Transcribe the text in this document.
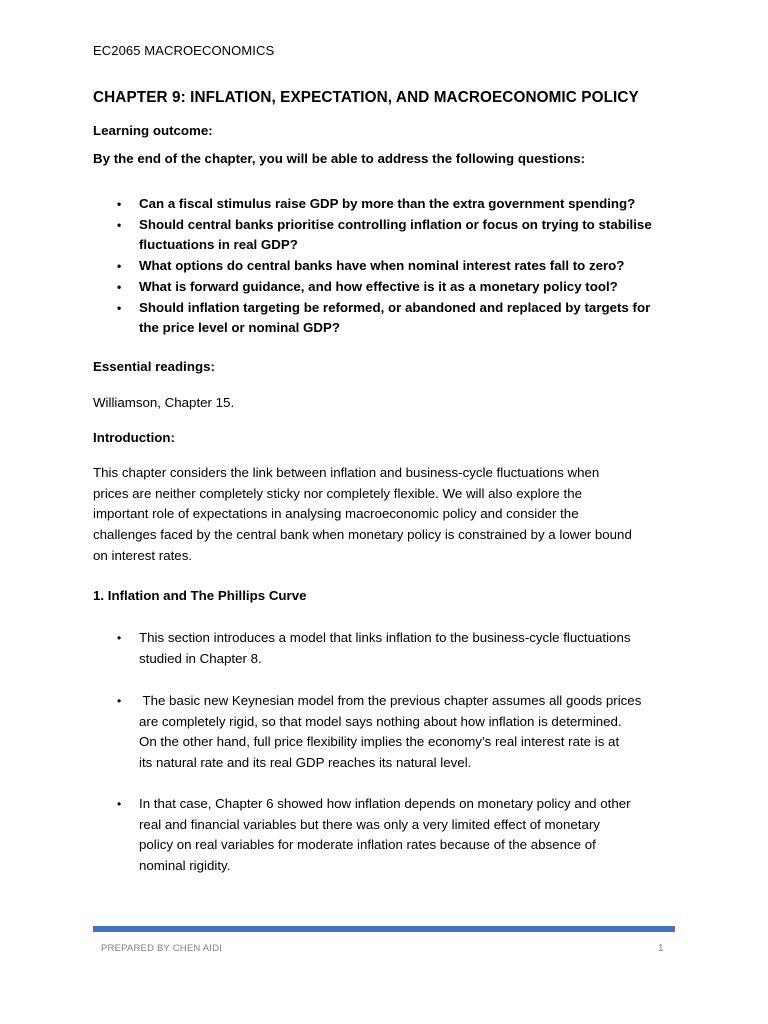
EC2065 MACROECONOMICS
CHAPTER 9: INFLATION, EXPECTATION, AND MACROECONOMIC POLICY
Learning outcome:
By the end of the chapter, you will be able to address the following questions:
• Can a fiscal stimulus raise GDP by more than the extra government spending?
• Should central banks prioritise controlling inflation or focus on trying to stabilise
fluctuations in real GDP?
• What options do central banks have when nominal interest rates fall to zero?
• What is forward guidance, and how effective is it as a monetary policy tool?
• Should inflation targeting be reformed, or abandoned and replaced by targets for
the price level or nominal GDP?
Essential readings:
Williamson, Chapter 15.
Introduction:
This chapter considers the link between inflation and business-cycle fluctuations when
prices are neither completely sticky nor completely flexible. We will also explore the
important role of expectations in analysing macroeconomic policy and consider the
challenges faced by the central bank when monetary policy is constrained by a lower bound
on interest rates.
1. Inflation and The Phillips Curve
• This section introduces a model that links inflation to the business-cycle fluctuations
studied in Chapter 8.
• The basic new Keynesian model from the previous chapter assumes all goods prices
are completely rigid, so that model says nothing about how inflation is determined.
On the other hand, full price flexibility implies the economy’s real interest rate is at
its natural rate and its real GDP reaches its natural level.
• In that case, Chapter 6 showed how inflation depends on monetary policy and other
real and financial variables but there was only a very limited effect of monetary
policy on real variables for moderate inflation rates because of the absence of
nominal rigidity.
PREPARED BY CHEN AIDI	1
